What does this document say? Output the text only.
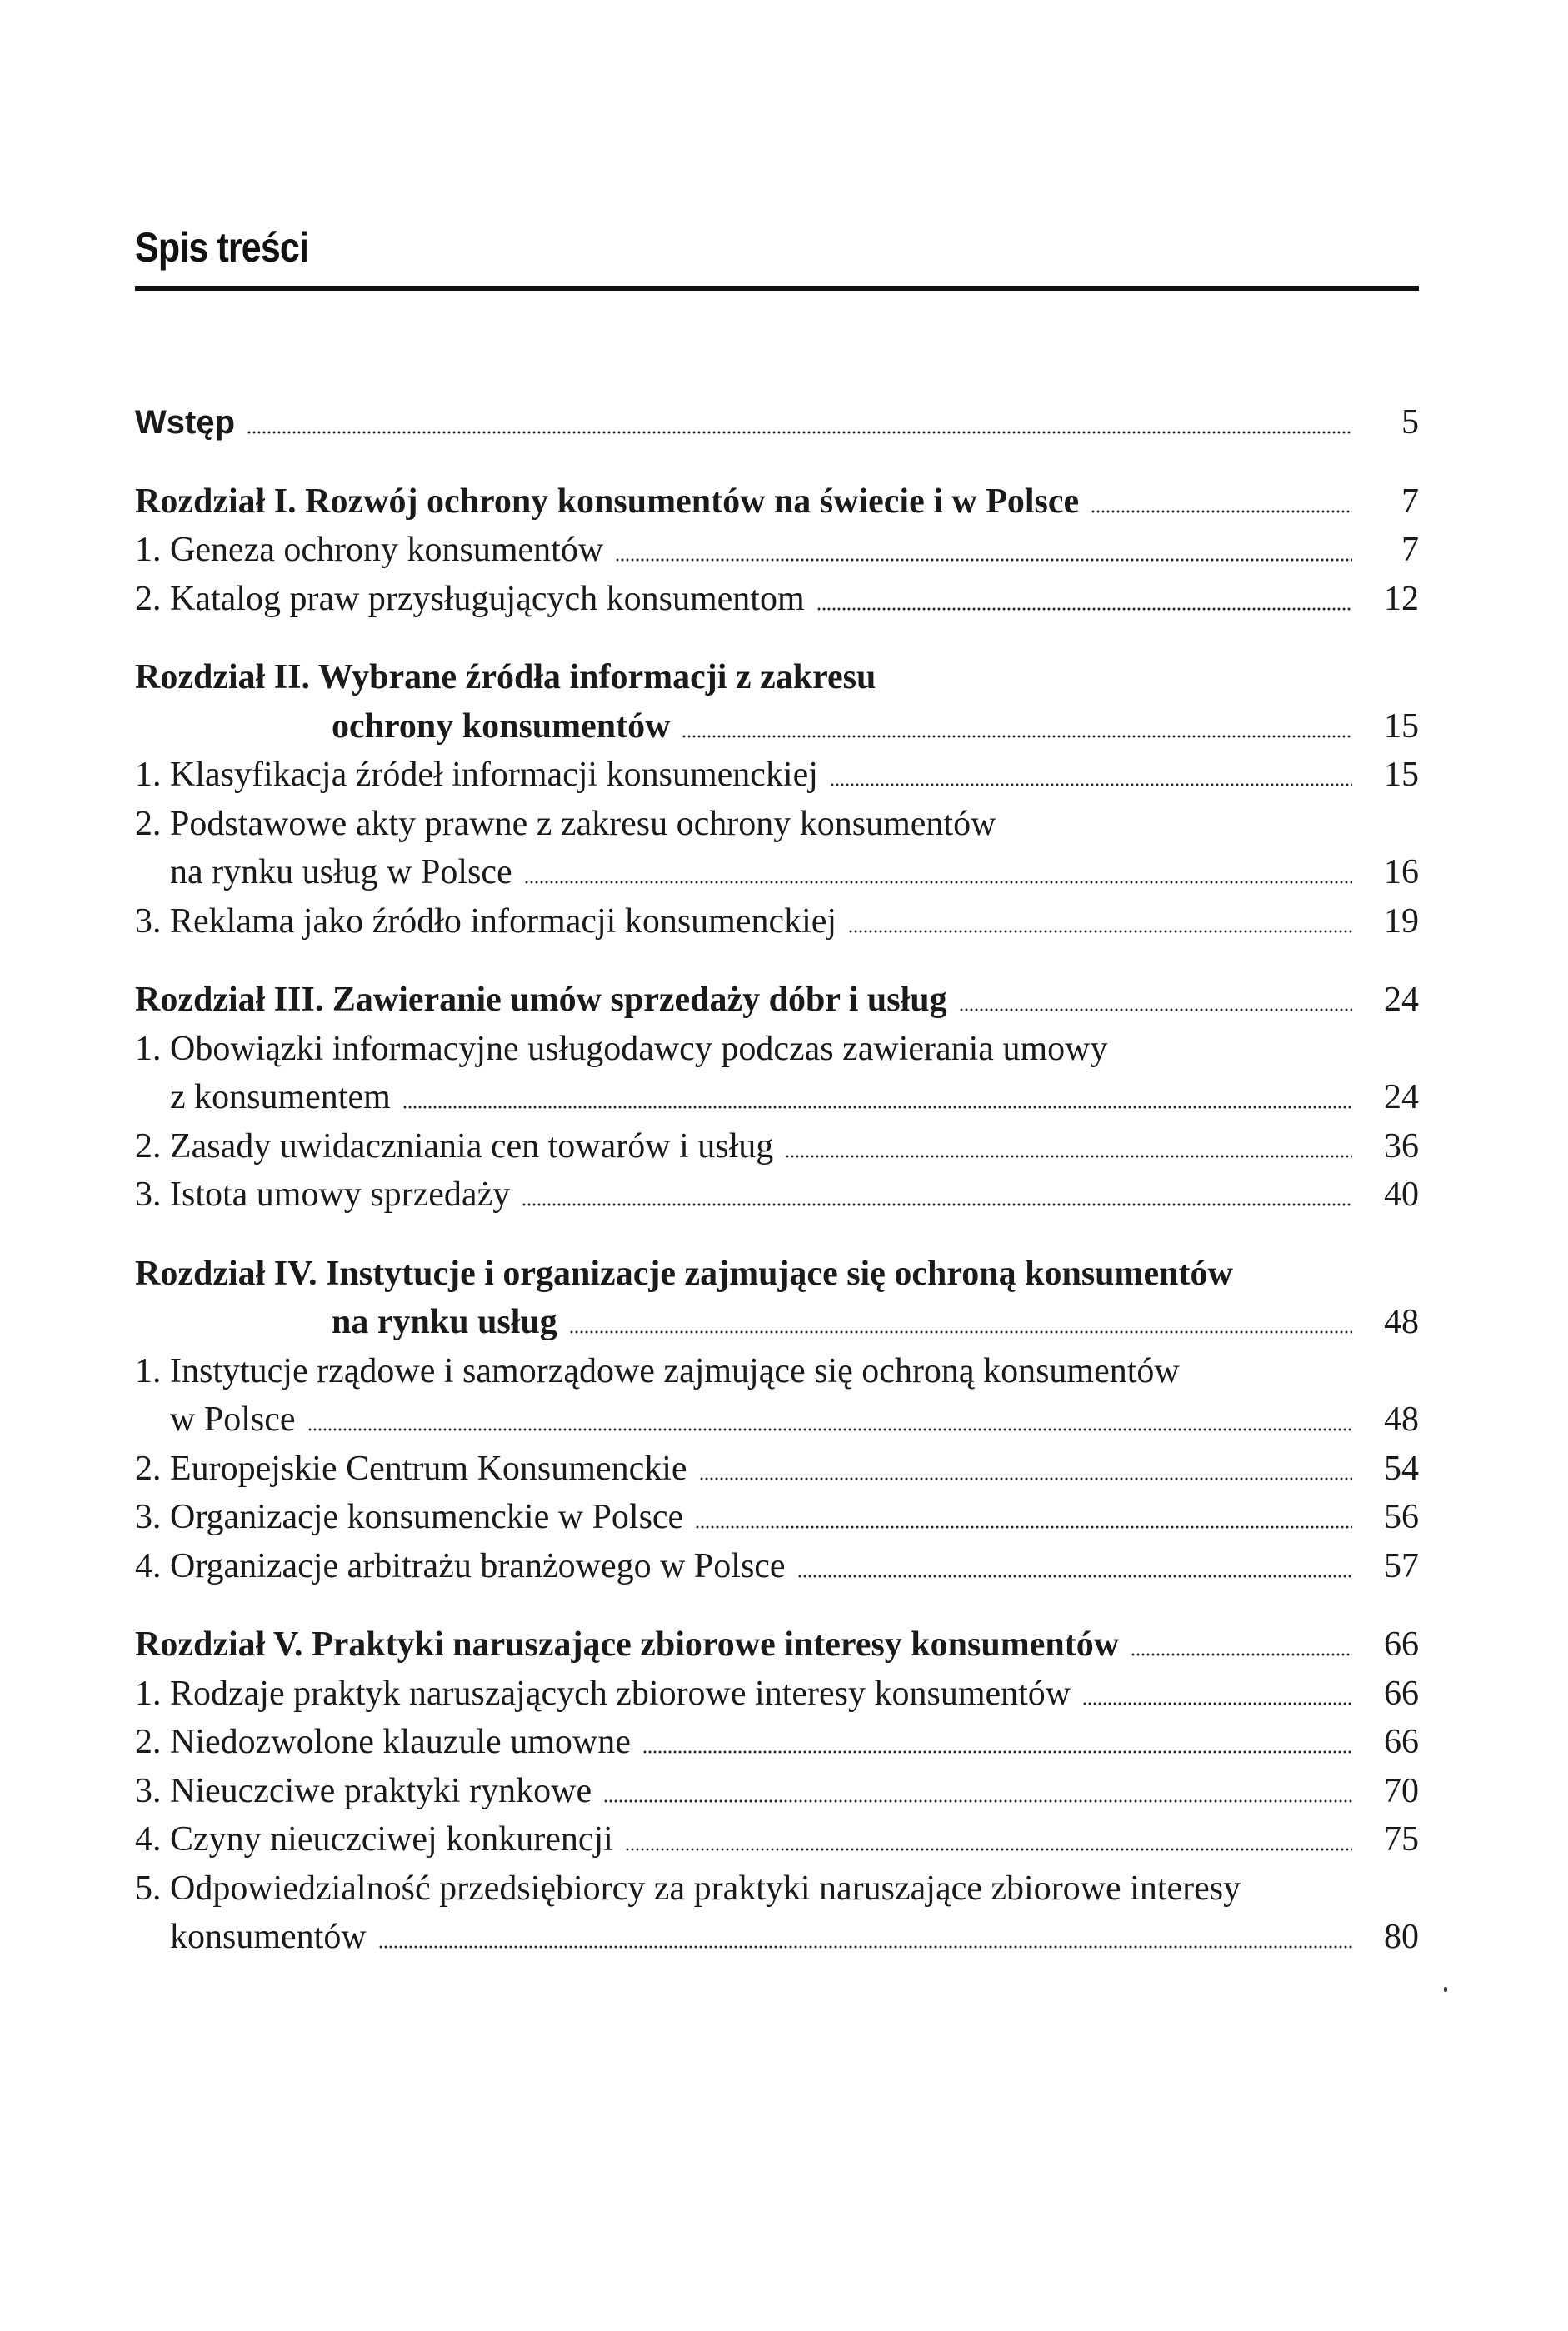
Spis treści
Wstęp	5
Rozdział I. Rozwój ochrony konsumentów na świecie i w Polsce	7
1. Geneza ochrony konsumentów	7
2. Katalog praw przysługujących konsumentom	12
Rozdział II. Wybrane źródła informacji z zakresu
ochrony konsumentów	15
1. Klasyfikacja źródeł informacji konsumenckiej	15
2. Podstawowe akty prawne z zakresu ochrony konsumentów
na rynku usług w Polsce	16
3. Reklama jako źródło informacji konsumenckiej	19
Rozdział III. Zawieranie umów sprzedaży dóbr i usług	24
1. Obowiązki informacyjne usługodawcy podczas zawierania umowy
z konsumentem	24
2. Zasady uwidaczniania cen towarów i usług	36
3. Istota umowy sprzedaży	40
Rozdział IV. Instytucje i organizacje zajmujące się ochroną konsumentów
na rynku usług	48
1. Instytucje rządowe i samorządowe zajmujące się ochroną konsumentów
w Polsce	48
2. Europejskie Centrum Konsumenckie	54
3. Organizacje konsumenckie w Polsce	56
4. Organizacje arbitrażu branżowego w Polsce	57
Rozdział V. Praktyki naruszające zbiorowe interesy konsumentów	66
1. Rodzaje praktyk naruszających zbiorowe interesy konsumentów	66
2. Niedozwolone klauzule umowne	66
3. Nieuczciwe praktyki rynkowe	70
4. Czyny nieuczciwej konkurencji	75
5. Odpowiedzialność przedsiębiorcy za praktyki naruszające zbiorowe interesy
konsumentów	80
